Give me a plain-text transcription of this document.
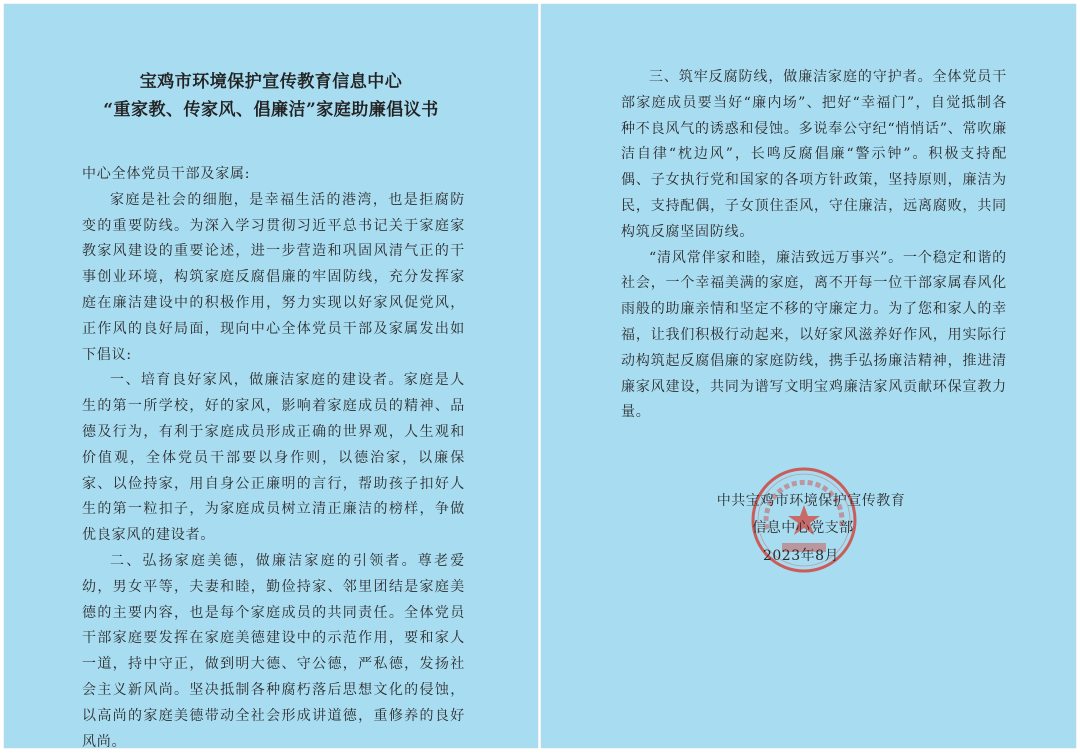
宝鸡市环境保护宣传教育信息中心
“重家教、传家风、倡廉洁”家庭助廉倡议书

中心全体党员干部及家属:

家庭是社会的细胞，是幸福生活的港湾，也是拒腐防变的重要防线。为深入学习贯彻习近平总书记关于家庭家教家风建设的重要论述，进一步营造和巩固风清气正的干事创业环境，构筑家庭反腐倡廉的牢固防线，充分发挥家庭在廉洁建设中的积极作用，努力实现以好家风促党风，正作风的良好局面，现向中心全体党员干部及家属发出如下倡议:

一、培育良好家风，做廉洁家庭的建设者。家庭是人生的第一所学校，好的家风，影响着家庭成员的精神、品德及行为，有利于家庭成员形成正确的世界观，人生观和价值观，全体党员干部要以身作则，以德治家，以廉保家、以俭持家，用自身公正廉明的言行，帮助孩子扣好人生的第一粒扣子，为家庭成员树立清正廉洁的榜样，争做优良家风的建设者。

二、弘扬家庭美德，做廉洁家庭的引领者。尊老爱幼，男女平等，夫妻和睦，勤俭持家、邻里团结是家庭美德的主要内容，也是每个家庭成员的共同责任。全体党员干部家庭要发挥在家庭美德建设中的示范作用，要和家人一道，持中守正，做到明大德、守公德，严私德，发扬社会主义新风尚。坚决抵制各种腐朽落后思想文化的侵蚀，以高尚的家庭美德带动全社会形成讲道德，重修养的良好风尚。

三、筑牢反腐防线，做廉洁家庭的守护者。全体党员干部家庭成员要当好“廉内场”、把好“幸福门”，自觉抵制各种不良风气的诱惑和侵蚀。多说奉公守纪“悄悄话”、常吹廉洁自律“枕边风”，长鸣反腐倡廉“警示钟”。积极支持配偶、子女执行党和国家的各项方针政策，坚持原则，廉洁为民，支持配偶，子女顶住歪风，守住廉洁，远离腐败，共同构筑反腐坚固防线。

“清风常伴家和睦，廉洁致远万事兴”。一个稳定和谐的社会，一个幸福美满的家庭，离不开每一位干部家属春风化雨般的助廉亲情和坚定不移的守廉定力。为了您和家人的幸福，让我们积极行动起来，以好家风滋养好作风，用实际行动构筑起反腐倡廉的家庭防线，携手弘扬廉洁精神，推进清廉家风建设，共同为谱写文明宝鸡廉洁家风贡献环保宣教力量。

中共宝鸡市环境保护宣传教育
信息中心党支部
2023年8月
